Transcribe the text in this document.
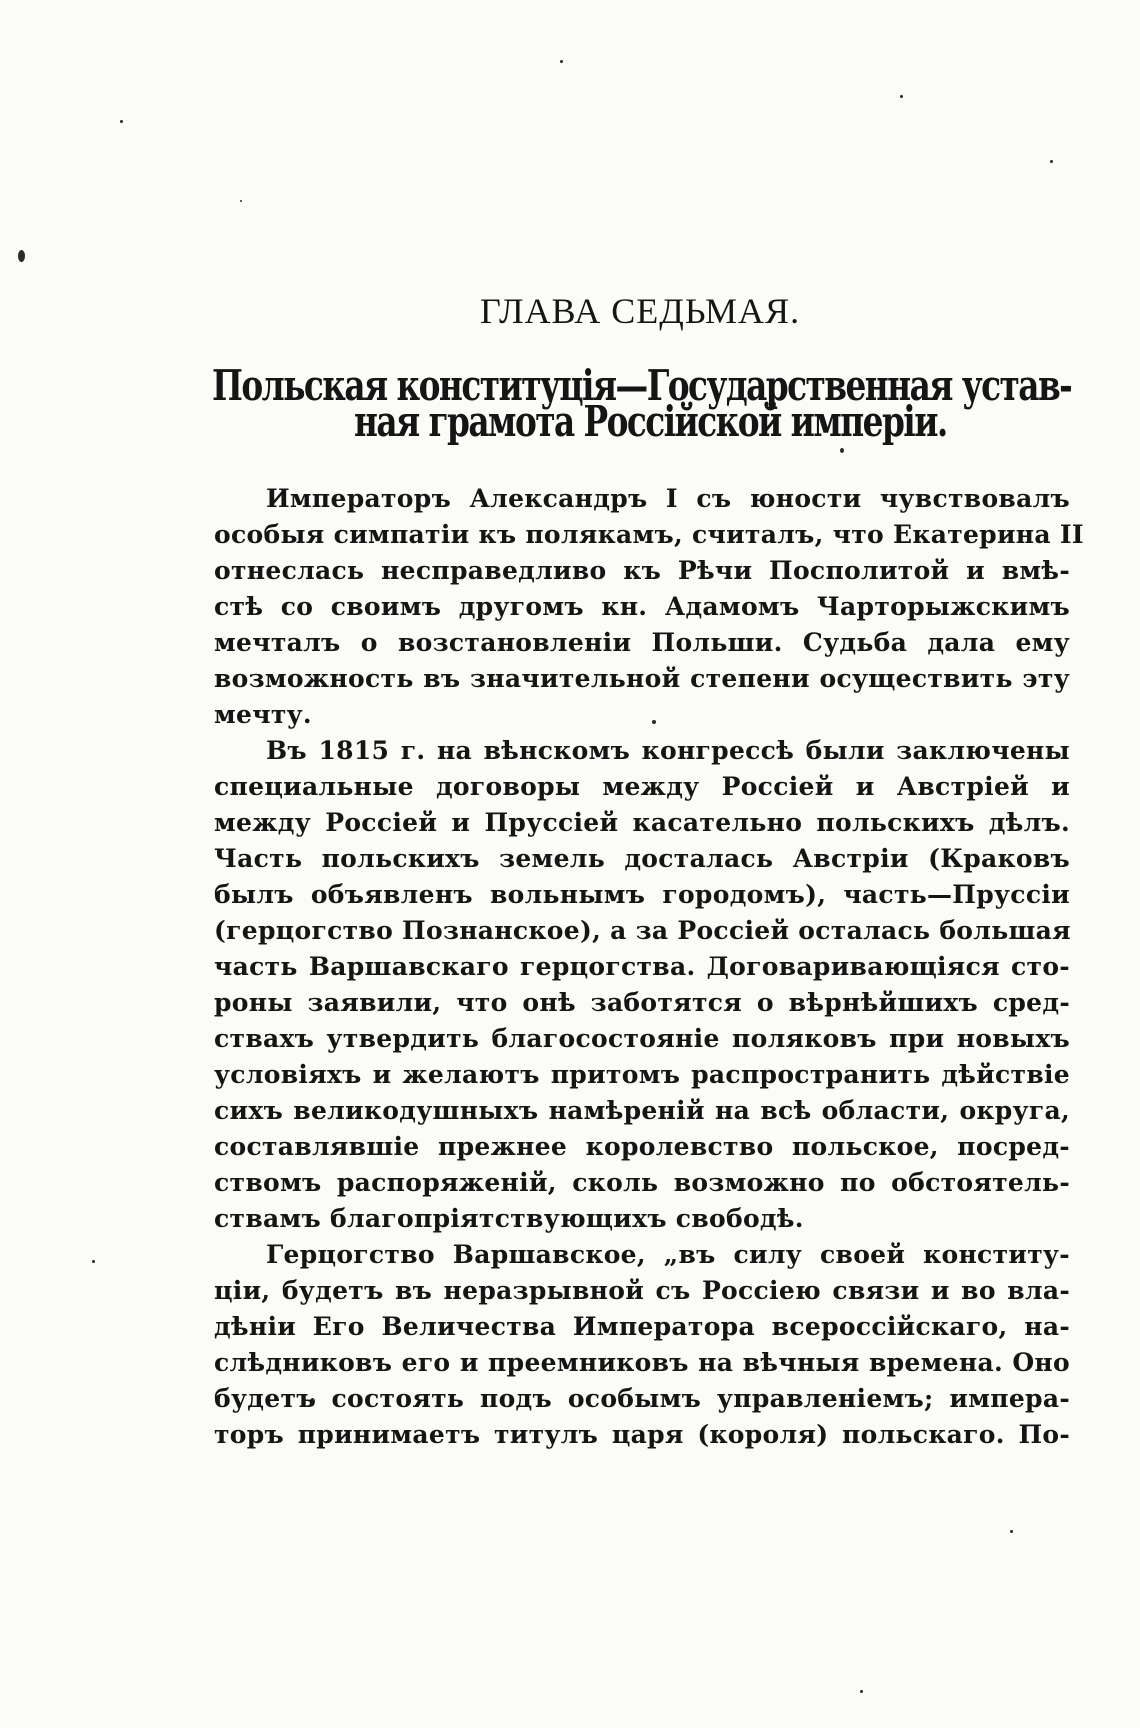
ГЛАВА СЕДЬМАЯ.
Польская конституція—Государственная устав-
ная грамота Россійской имперіи.
Императоръ Александръ I съ юности чувствовалъ
особыя симпатіи къ полякамъ, считалъ, что Екатерина II
отнеслась несправедливо къ Рѣчи Посполитой и вмѣ-
стѣ со своимъ другомъ кн. Адамомъ Чарторыжскимъ
мечталъ о возстановленіи Польши. Судьба дала ему
возможность въ значительной степени осуществить эту
мечту.
Въ 1815 г. на вѣнскомъ конгрессѣ были заключены
специальные договоры между Россіей и Австріей и
между Россіей и Пруссіей касательно польскихъ дѣлъ.
Часть польскихъ земель досталась Австріи (Краковъ
былъ объявленъ вольнымъ городомъ), часть—Пруссіи
(герцогство Познанское), а за Россіей осталась большая
часть Варшавскаго герцогства. Договаривающіяся сто-
роны заявили, что онѣ заботятся о вѣрнѣйшихъ сред-
ствахъ утвердить благосостояніе поляковъ при новыхъ
условіяхъ и желаютъ притомъ распространить дѣйствіе
сихъ великодушныхъ намѣреній на всѣ области, округа,
составлявшіе прежнее королевство польское, посред-
ствомъ распоряженій, сколь возможно по обстоятель-
ствамъ благопріятствующихъ свободѣ.
Герцогство Варшавское, „въ силу своей конститу-
ціи, будетъ въ неразрывной съ Россіею связи и во вла-
дѣніи Его Величества Императора всероссійскаго, на-
слѣдниковъ его и преемниковъ на вѣчныя времена. Оно
будетъ состоять подъ особымъ управленіемъ; импера-
торъ принимаетъ титулъ царя (короля) польскаго. По-
